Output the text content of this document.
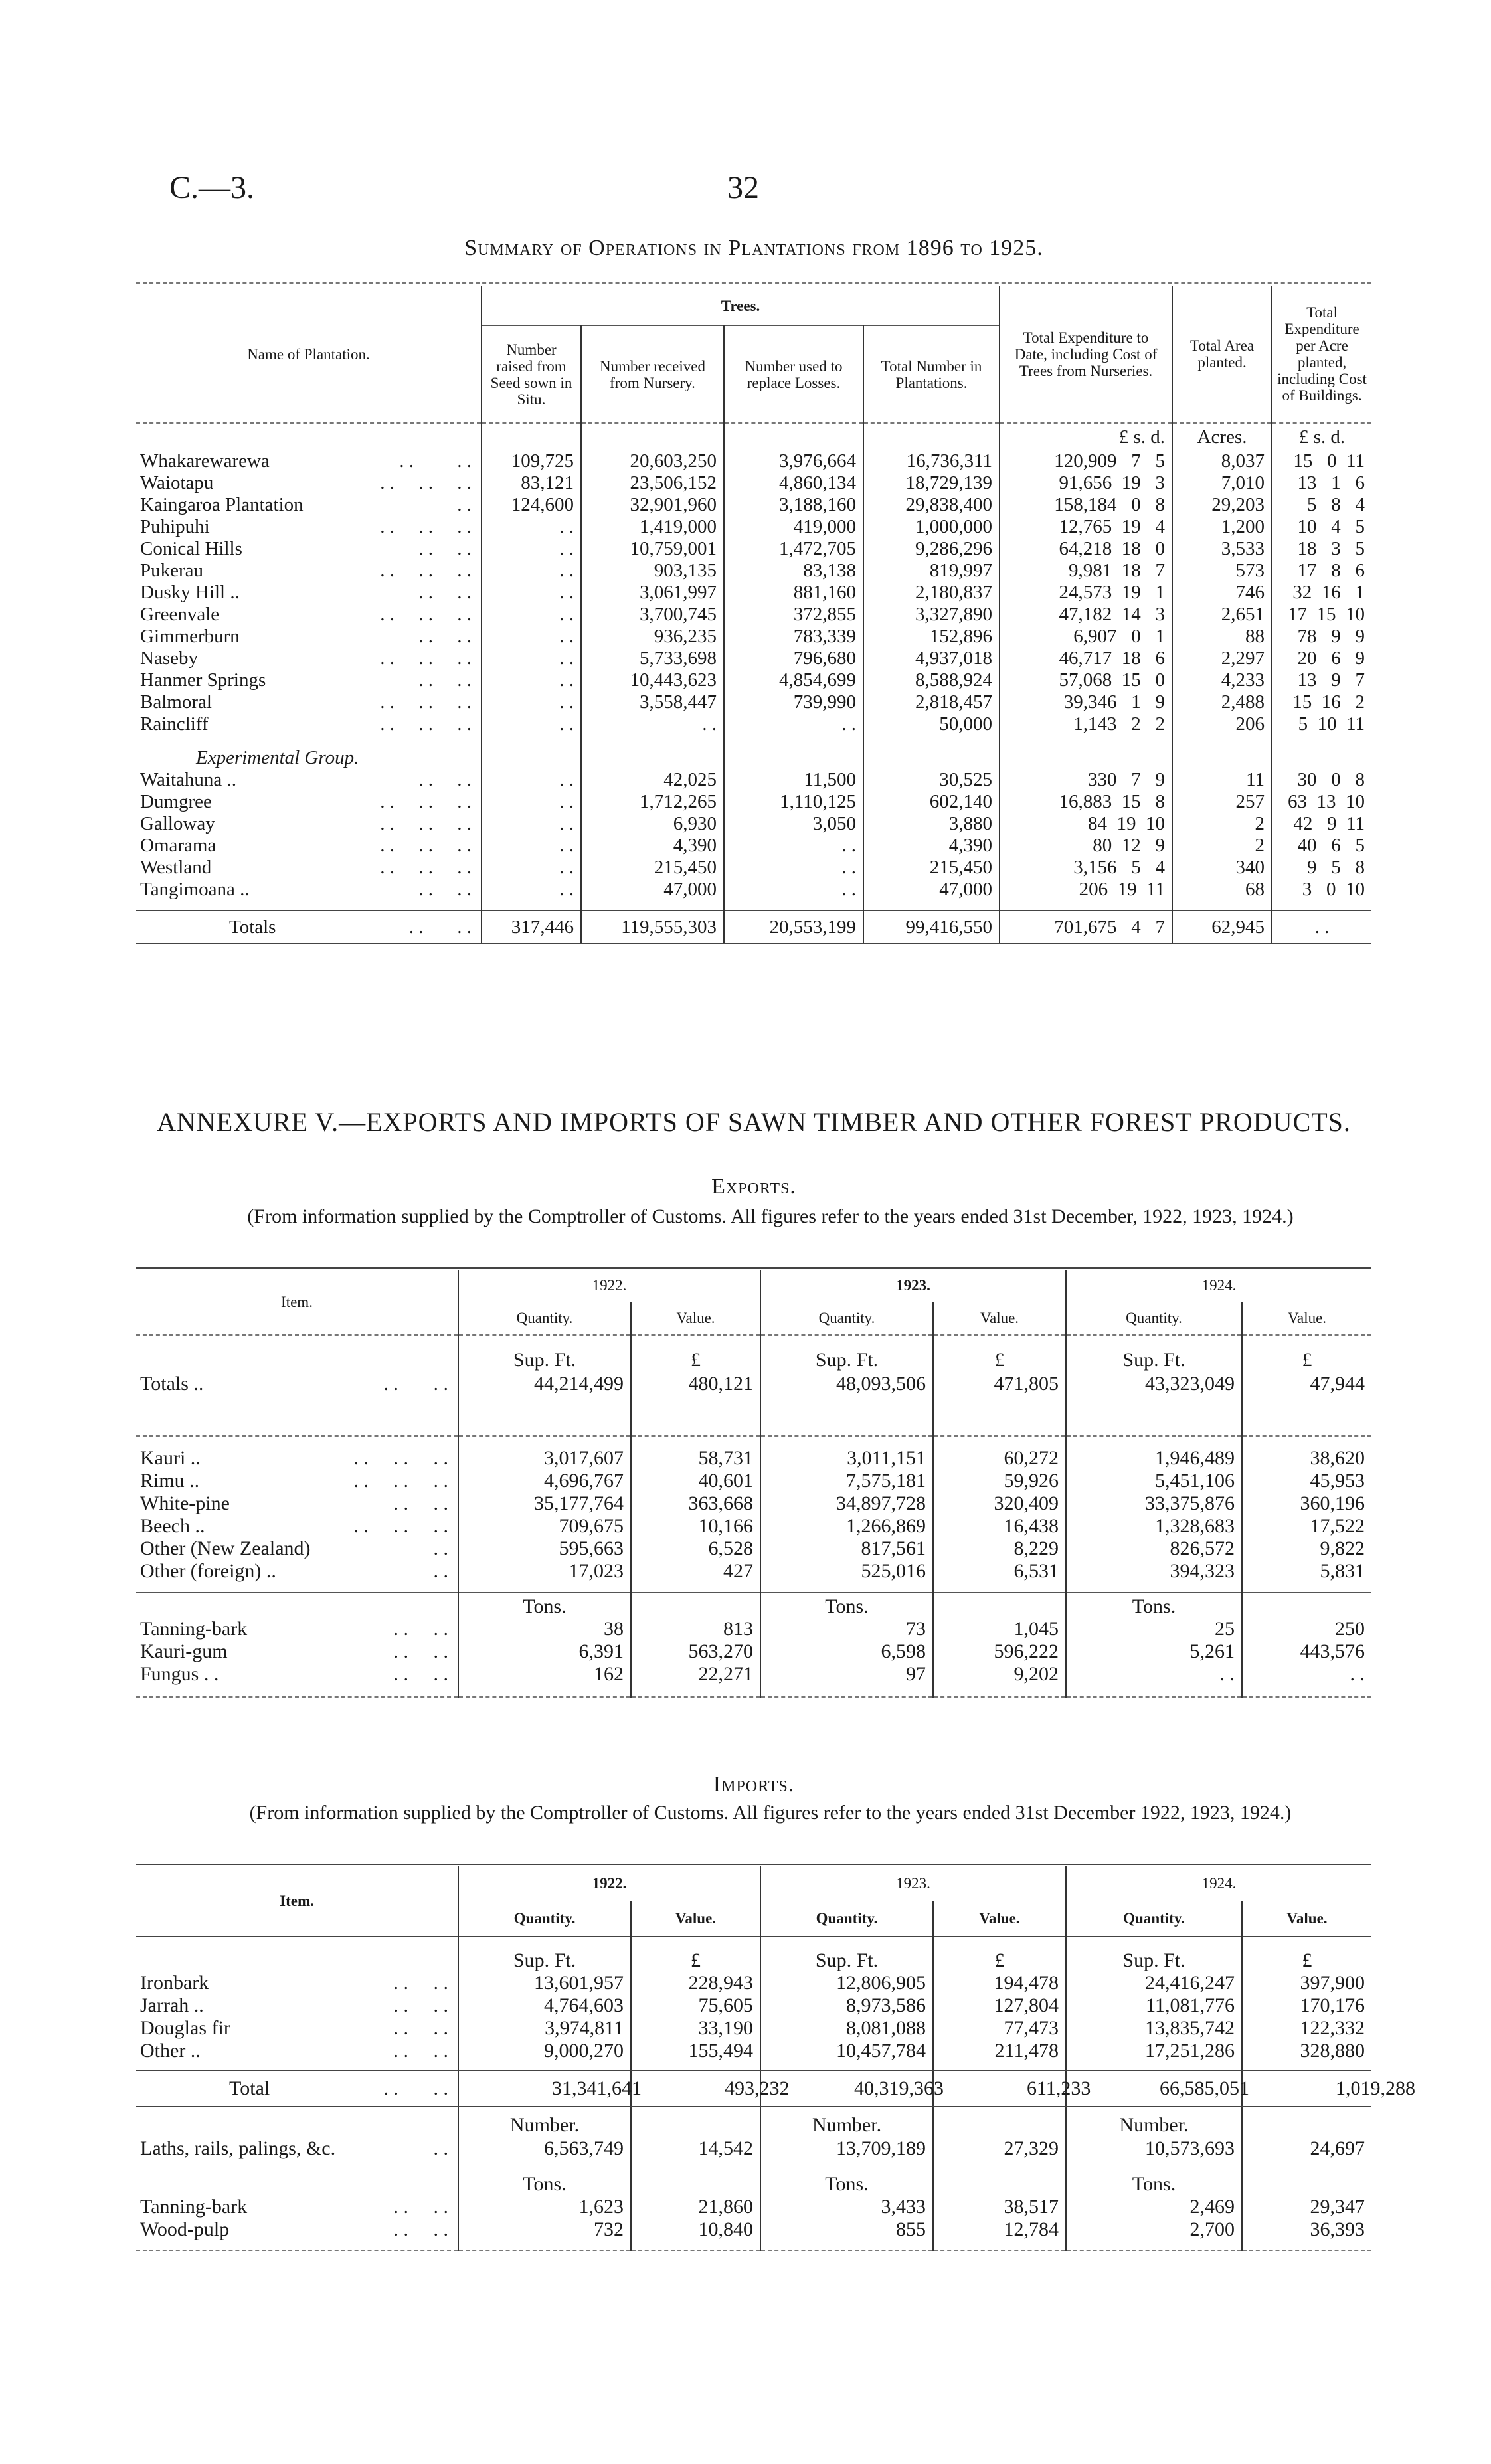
C.—3.	32
Summary of Operations in Plantations from 1896 to 1925.
Name of Plantation.	Trees.				Total Expenditure to Date, including Cost of Trees from Nurseries.	Total Area planted.	Total Expenditure per Acre planted, including Cost of Buildings.
	Number raised from Seed sown in Situ.	Number received from Nursery.	Number used to replace Losses.	Total Number in Plantations.			

					£ s. d.	Acres.	£ s. d.
Whakarewarewa . .         . .	109,725	20,603,250	3,976,664	16,736,311	120,909   7   5	8,037	15   0  11
Waiotapu . .     . .     . .	83,121	23,506,152	4,860,134	18,729,139	91,656  19   3	7,010	13   1   6
Kaingaroa Plantation . .	124,600	32,901,960	3,188,160	29,838,400	158,184   0   8	29,203	5   8   4
Puhipuhi . .     . .     . .	. .	1,419,000	419,000	1,000,000	12,765  19   4	1,200	10   4   5
Conical Hills . .     . .	. .	10,759,001	1,472,705	9,286,296	64,218  18   0	3,533	18   3   5
Pukerau . .     . .     . .	. .	903,135	83,138	819,997	9,981  18   7	573	17   8   6
Dusky Hill .. . .     . .	. .	3,061,997	881,160	2,180,837	24,573  19   1	746	32  16   1
Greenvale . .     . .     . .	. .	3,700,745	372,855	3,327,890	47,182  14   3	2,651	17  15  10
Gimmerburn . .     . .	. .	936,235	783,339	152,896	6,907   0   1	88	78   9   9
Naseby . .     . .     . .	. .	5,733,698	796,680	4,937,018	46,717  18   6	2,297	20   6   9
Hanmer Springs . .     . .	. .	10,443,623	4,854,699	8,588,924	57,068  15   0	4,233	13   9   7
Balmoral . .     . .     . .	. .	3,558,447	739,990	2,818,457	39,346   1   9	2,488	15  16   2
Raincliff . .     . .     . .	. .	. .	. .	50,000	1,143   2   2	206	5  10  11

Experimental Group.							
Waitahuna .. . .     . .	. .	42,025	11,500	30,525	330   7   9	11	30   0   8
Dumgree . .     . .     . .	. .	1,712,265	1,110,125	602,140	16,883  15   8	257	63  13  10
Galloway . .     . .     . .	. .	6,930	3,050	3,880	84  19  10	2	42   9  11
Omarama . .     . .     . .	. .	4,390	. .	4,390	80  12   9	2	40   6   5
Westland . .     . .     . .	. .	215,450	. .	215,450	3,156   5   4	340	9   5   8
Tangimoana .. . .     . .	. .	47,000	. .	47,000	206  19  11	68	3   0  10

Totals . .       . .	317,446	119,555,303	20,553,199	99,416,550	701,675   4   7	62,945	. .
ANNEXURE V.—EXPORTS AND IMPORTS OF SAWN TIMBER AND OTHER FOREST PRODUCTS.
Exports.
(From information supplied by the Comptroller of Customs. All figures refer to the years ended 31st December, 1922, 1923, 1924.)
Item.	1922.		1923.		1924.	
	Quantity.	Value.	Quantity.	Value.	Quantity.	Value.

	Sup. Ft.	£	Sup. Ft.	£	Sup. Ft.	£
Totals .. . .       . .	44,214,499	480,121	48,093,506	471,805	43,323,049	47,944

Kauri .. . .     . .     . .	3,017,607	58,731	3,011,151	60,272	1,946,489	38,620
Rimu .. . .     . .     . .	4,696,767	40,601	7,575,181	59,926	5,451,106	45,953
White-pine . .     . .	35,177,764	363,668	34,897,728	320,409	33,375,876	360,196
Beech .. . .     . .     . .	709,675	10,166	1,266,869	16,438	1,328,683	17,522
Other (New Zealand) . .	595,663	6,528	817,561	8,229	826,572	9,822
Other (foreign) .. . .	17,023	427	525,016	6,531	394,323	5,831

	Tons.		Tons.		Tons.	
Tanning-bark . .     . .	38	813	73	1,045	25	250
Kauri-gum . .     . .	6,391	563,270	6,598	596,222	5,261	443,576
Fungus . . . .     . .	162	22,271	97	9,202	. .	. .

Imports.
(From information supplied by the Comptroller of Customs. All figures refer to the years ended 31st December 1922, 1923, 1924.)
Item.	1922.		1923.		1924.	
	Quantity.	Value.	Quantity.	Value.	Quantity.	Value.

	Sup. Ft.	£	Sup. Ft.	£	Sup. Ft.	£
Ironbark . .     . .	13,601,957	228,943	12,806,905	194,478	24,416,247	397,900
Jarrah .. . .     . .	4,764,603	75,605	8,973,586	127,804	11,081,776	170,176
Douglas fir . .     . .	3,974,811	33,190	8,081,088	77,473	13,835,742	122,332
Other .. . .     . .	9,000,270	155,494	10,457,784	211,478	17,251,286	328,880

Total . .       . .	31,341,641	493,232	40,319,363	611,233	66,585,051	1,019,288
	Number.		Number.		Number.	
Laths, rails, palings, &c. . .	6,563,749	14,542	13,709,189	27,329	10,573,693	24,697

	Tons.		Tons.		Tons.	
Tanning-bark . .     . .	1,623	21,860	3,433	38,517	2,469	29,347
Wood-pulp . .     . .	732	10,840	855	12,784	2,700	36,393
